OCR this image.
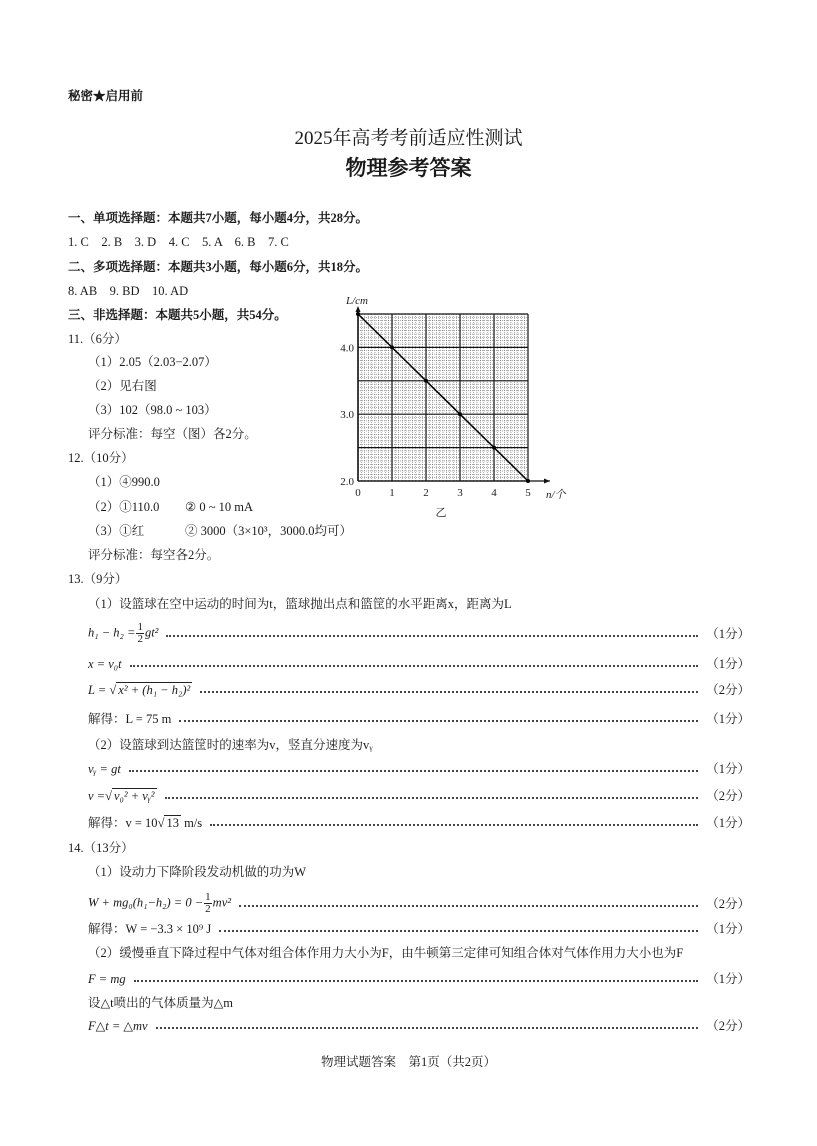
秘密★启用前
2025年高考考前适应性测试
物理参考答案
一、单项选择题：本题共7小题，每小题4分，共28分。
1. C　2. B　3. D　4. C　5. A　6. B　7. C
二、多项选择题：本题共3小题，每小题6分，共18分。
8. AB　9. BD　10. AD
三、非选择题：本题共5小题，共54分。
11.（6分）
（1）2.05（2.03−2.07）
（2）见右图
（3）102（98.0 ~ 103）
评分标准：每空（图）各2分。
12.（10分）
（1）④990.0
（2）①110.0 ② 0 ~ 10 mA
（3）①红	② 3000（3×10³，3000.0均可）
评分标准：每空各2分。
0	1	2	3	4	5
2.0
3.0
4.0
n/个
L/cm
乙
13.（9分）
（1）设篮球在空中运动的时间为t，篮球抛出点和篮筐的水平距离x，距离为L
$h_1 - h_2 = \frac{1}{2} gt^2$	（1分）
x = v₀t	（1分）
L = √ x² + (h₁ − h₂)²	（2分）
解得：L = 75 m	（1分）
（2）设篮球到达篮筐时的速率为v，竖直分速度为vᵧ
vᵧ = gt	（1分）
v =√ v₀² + vᵧ²	（2分）
解得：v = 10√ 13 m/s	（1分）
14.（13分）
（1）设动力下降阶段发动机做的功为W
$W + mg_0(h_1-h_2) = 0 - \frac{1}{2} mv^2$	（2分）
解得：W = −3.3 × 10⁹ J	（1分）
（2）缓慢垂直下降过程中气体对组合体作用力大小为F，由牛顿第三定律可知组合体对气体作用力大小也为F
F = mg	（1分）
设△t喷出的气体质量为△m
F△t = △mv	（2分）
物理试题答案　第1页（共2页）
